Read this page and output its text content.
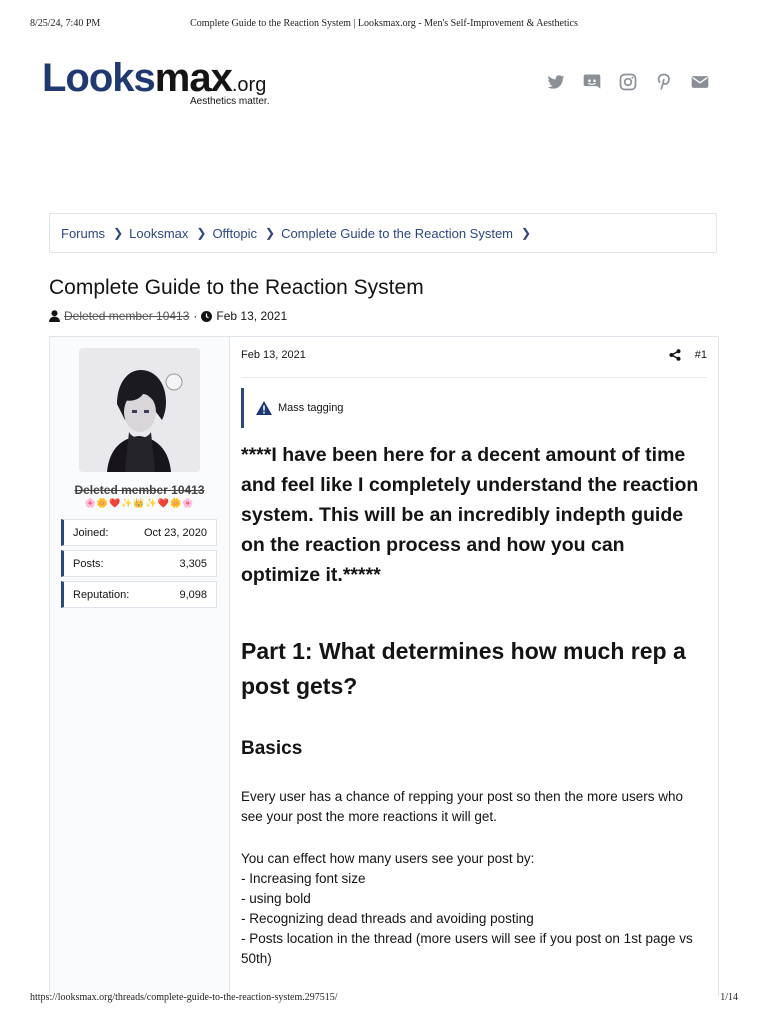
8/25/24, 7:40 PM	Complete Guide to the Reaction System | Looksmax.org - Men's Self-Improvement & Aesthetics
Looksmax.org
Aesthetics matter.
Forums ❯ Looksmax ❯ Offtopic ❯ Complete Guide to the Reaction System ❯
Complete Guide to the Reaction System
Deleted member 10413 · Feb 13, 2021
Deleted member 10413
🌸🌼❤️✨👑✨❤️🌼🌸
Joined:	Oct 23, 2020
Posts:	3,305
Reputation:	9,098
Feb 13, 2021	#1
Mass tagging

****I have been here for a decent amount of time and feel like I completely understand the reaction system. This will be an incredibly indepth guide on the reaction process and how you can optimize it.*****

Part 1: What determines how much rep a post gets?

Basics

Every user has a chance of repping your post so then the more users who see your post the more reactions it will get.

You can effect how many users see your post by:

- Increasing font size
- using bold
- Recognizing dead threads and avoiding posting
- Posts location in the thread (more users will see if you post on 1st page vs 50th)
https://looksmax.org/threads/complete-guide-to-the-reaction-system.297515/	1/14
